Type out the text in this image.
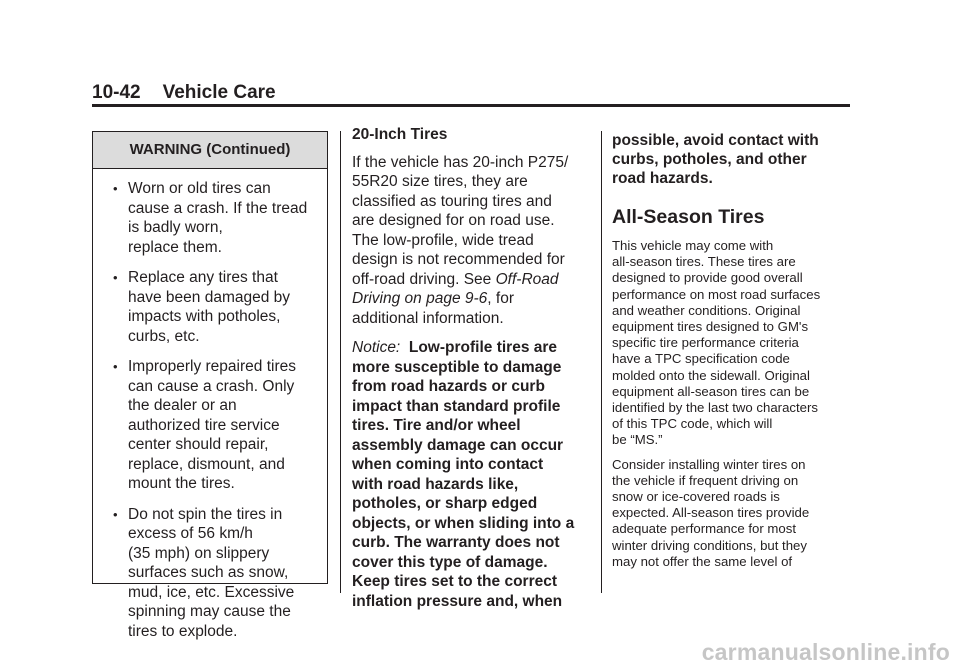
10-42 Vehicle Care
WARNING (Continued)
• Worn or old tires can
cause a crash. If the tread
is badly worn,
replace them.
• Replace any tires that
have been damaged by
impacts with potholes,
curbs, etc.
• Improperly repaired tires
can cause a crash. Only
the dealer or an
authorized tire service
center should repair,
replace, dismount, and
mount the tires.
• Do not spin the tires in
excess of 56 km/h
(35 mph) on slippery
surfaces such as snow,
mud, ice, etc. Excessive
spinning may cause the
tires to explode.

20-Inch Tires

If the vehicle has 20-inch P275/
55R20 size tires, they are
classified as touring tires and
are designed for on road use.
The low-profile, wide tread
design is not recommended for
off-road driving. See Off-Road
Driving on page 9-6, for
additional information.

Notice: Low-profile tires are
more susceptible to damage
from road hazards or curb
impact than standard profile
tires. Tire and/or wheel
assembly damage can occur
when coming into contact
with road hazards like,
potholes, or sharp edged
objects, or when sliding into a
curb. The warranty does not
cover this type of damage.
Keep tires set to the correct
inflation pressure and, when

possible, avoid contact with
curbs, potholes, and other
road hazards.

All-Season Tires

This vehicle may come with
all-season tires. These tires are
designed to provide good overall
performance on most road surfaces
and weather conditions. Original
equipment tires designed to GM's
specific tire performance criteria
have a TPC specification code
molded onto the sidewall. Original
equipment all-season tires can be
identified by the last two characters
of this TPC code, which will
be “MS.”

Consider installing winter tires on
the vehicle if frequent driving on
snow or ice-covered roads is
expected. All-season tires provide
adequate performance for most
winter driving conditions, but they
may not offer the same level of

carmanualsonline.info
